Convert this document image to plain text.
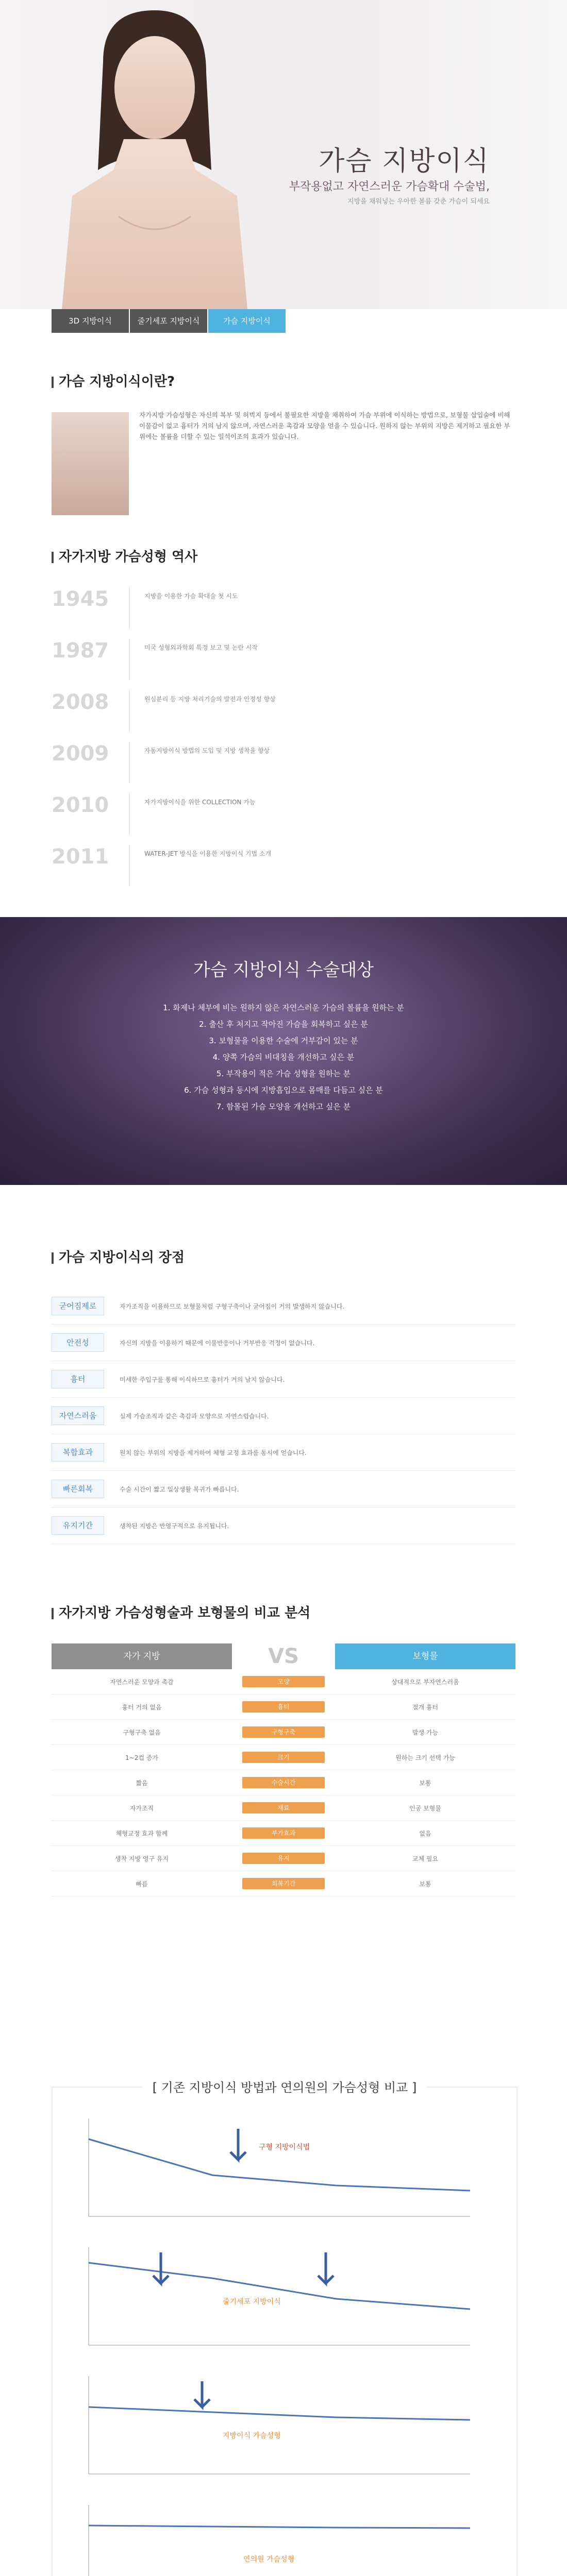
가슴 지방이식
부작용없고 자연스러운 가슴확대 수술법,
지방을 채워넣는 우아한 볼륨 갖춘 가슴이 되세요
3D 지방이식	줄기세포 지방이식	가슴 지방이식
가슴 지방이식이란?
자가지방 가슴성형은 자신의 복부 및 허벅지 등에서 불필요한 지방을 채취하여 가슴 부위에 이식하는 방법으로, 보형물 삽입술에 비해 이물감이 없고 흉터가 거의 남지 않으며, 자연스러운 촉감과 모양을 얻을 수 있습니다. 원하지 않는 부위의 지방은 제거하고 필요한 부위에는 볼륨을 더할 수 있는 일석이조의 효과가 있습니다.
자가지방 가슴성형 역사
1945	지방을 이용한 가슴 확대술 첫 시도
1987	미국 성형외과학회 특정 보고 및 논란 시작
2008	원심분리 등 지방 처리기술의 발전과 안정성 향상
2009	자동지방이식 방법의 도입 및 지방 생착율 향상
2010	자가지방이식을 위한 COLLECTION 가능
2011	WATER-JET 방식을 이용한 지방이식 기법 소개
가슴 지방이식 수술대상
1. 화제나 체부에 비는 원하지 않은 자연스러운 가슴의 볼륨을 원하는 분
2. 출산 후 처지고 작아진 가슴을 회복하고 싶은 분
3. 보형물을 이용한 수술에 거부감이 있는 분
4. 양쪽 가슴의 비대칭을 개선하고 싶은 분
5. 부작용이 적은 가슴 성형을 원하는 분
6. 가슴 성형과 동시에 지방흡입으로 몸매를 다듬고 싶은 분
7. 함몰된 가슴 모양을 개선하고 싶은 분
가슴 지방이식의 장점
굳어짐제로	자가조직을 이용하므로 보형물처럼 구형구축이나 굳어짐이 거의 발생하지 않습니다.
안전성	자신의 지방을 이용하기 때문에 이물반응이나 거부반응 걱정이 없습니다.
흉터	미세한 주입구를 통해 이식하므로 흉터가 거의 남지 않습니다.
자연스러움	실제 가슴조직과 같은 촉감과 모양으로 자연스럽습니다.
복합효과	원치 않는 부위의 지방을 제거하여 체형 교정 효과를 동시에 얻습니다.
빠른회복	수술 시간이 짧고 일상생활 복귀가 빠릅니다.
유지기간	생착된 지방은 반영구적으로 유지됩니다.
자가지방 가슴성형술과 보형물의 비교 분석
자가 지방	VS	보형물
자연스러운 모양과 촉감	모양	상대적으로 부자연스러움
흉터 거의 없음	흉터	절개 흉터
구형구축 없음	구형구축	발생 가능
1~2컵 증가	크기	원하는 크기 선택 가능
짧음	수술시간	보통
자가조직	재료	인공 보형물
체형교정 효과 함께	부가효과	없음
생착 지방 영구 유지	유지	교체 필요
빠름	회복기간	보통
[ 기존 지방이식 방법과 연의원의 가슴성형 비교 ]
구형 지방이식법
줄기세포 지방이식
지방이식 가슴성형
연의원 가슴성형
